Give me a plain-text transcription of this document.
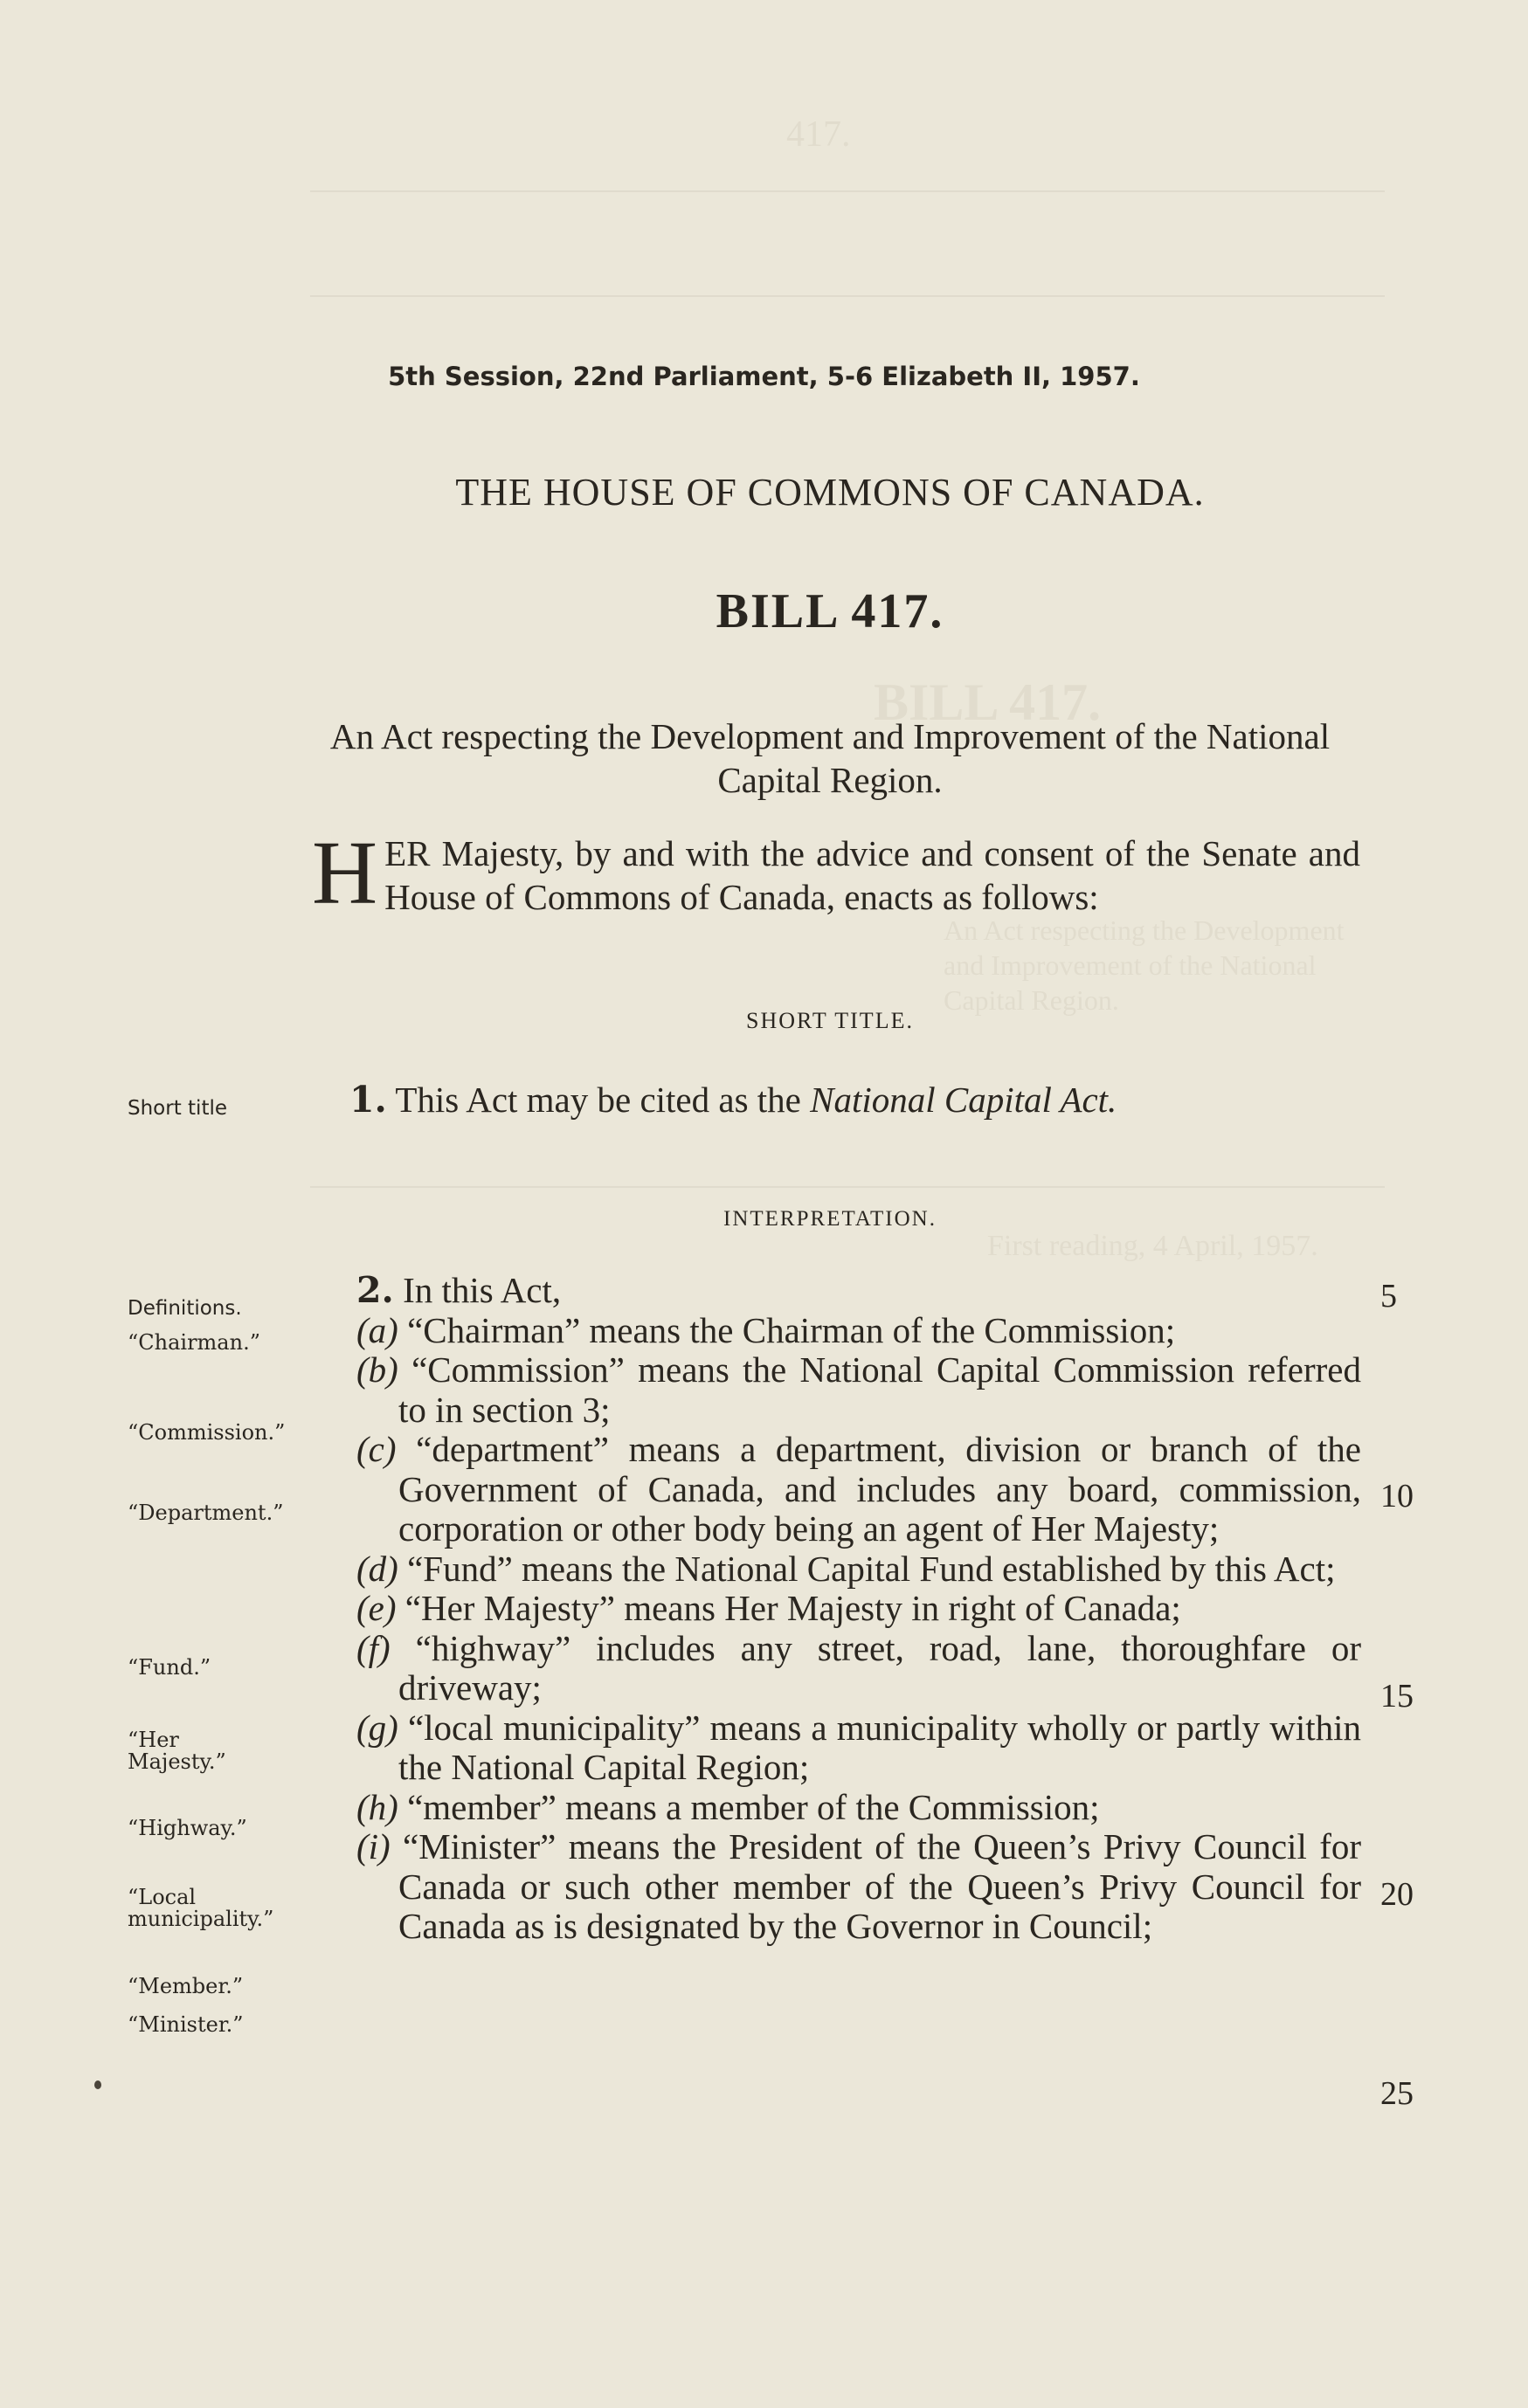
417.
BILL 417.
An Act respecting the Development and Improvement of the National Capital Region.
First reading, 4 April, 1957.
5th Session, 22nd Parliament, 5-6 Elizabeth II, 1957.
THE HOUSE OF COMMONS OF CANADA.
BILL 417.
An Act respecting the Development and Improvement of the National Capital Region.
HER Majesty, by and with the advice and consent of the Senate and House of Commons of Canada, enacts as follows:
SHORT TITLE.
Short title	1. This Act may be cited as the National Capital Act.
INTERPRETATION.
Definitions.
“Chairman.”
“Commission.”
“Department.”
“Fund.”
“Her Majesty.”
“Highway.”
“Local municipality.”
“Member.”
“Minister.”
2. In this Act,
(a) “Chairman” means the Chairman of the Commission;
(b) “Commission” means the National Capital Commission referred to in section 3;
(c) “department” means a department, division or branch of the Government of Canada, and includes any board, commission, corporation or other body being an agent of Her Majesty;
(d) “Fund” means the National Capital Fund established by this Act;
(e) “Her Majesty” means Her Majesty in right of Canada;
(f) “highway” includes any street, road, lane, thoroughfare or driveway;
(g) “local municipality” means a municipality wholly or partly within the National Capital Region;
(h) “member” means a member of the Commission;
(i) “Minister” means the President of the Queen’s Privy Council for Canada or such other member of the Queen’s Privy Council for Canada as is designated by the Governor in Council;
5
10
15
20
25
